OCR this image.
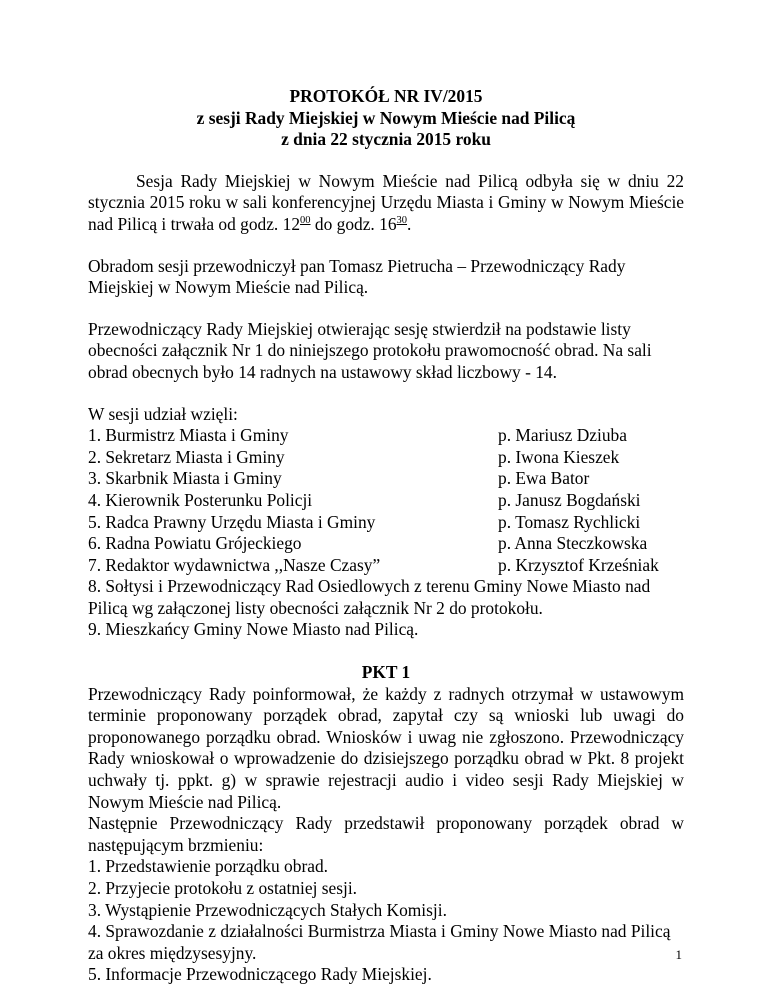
PROTOKÓŁ NR IV/2015
z sesji Rady Miejskiej w Nowym Mieście nad Pilicą
z dnia 22 stycznia 2015 roku

Sesja Rady Miejskiej w Nowym Mieście nad Pilicą odbyła się w dniu 22 stycznia 2015 roku w sali konferencyjnej Urzędu Miasta i Gminy w Nowym Mieście nad Pilicą i trwała od godz. $12^{00}$ do godz. $16^{30}$.

Obradom sesji przewodniczył pan Tomasz Pietrucha – Przewodniczący Rady Miejskiej w Nowym Mieście nad Pilicą.

Przewodniczący Rady Miejskiej otwierając sesję stwierdził na podstawie listy obecności załącznik Nr 1 do niniejszego protokołu prawomocność obrad. Na sali obrad obecnych było 14 radnych na ustawowy skład liczbowy - 14.

W sesji udział wzięli:
1. Burmistrz Miasta i Gminy	p. Mariusz Dziuba
2. Sekretarz Miasta i Gminy	p. Iwona Kieszek
3. Skarbnik Miasta i Gminy	p. Ewa Bator
4. Kierownik Posterunku Policji	p. Janusz Bogdański
5. Radca Prawny Urzędu Miasta i Gminy	p. Tomasz Rychlicki
6. Radna Powiatu Grójeckiego	p. Anna Steczkowska
7. Redaktor wydawnictwa ,,Nasze Czasy”	p. Krzysztof Krześniak
8. Sołtysi i Przewodniczący Rad Osiedlowych z terenu Gminy Nowe Miasto nad Pilicą wg załączonej listy obecności załącznik Nr 2 do protokołu.
9. Mieszkańcy Gminy Nowe Miasto nad Pilicą.
PKT 1

Przewodniczący Rady poinformował, że każdy z radnych otrzymał w ustawowym terminie proponowany porządek obrad, zapytał czy są wnioski lub uwagi do proponowanego porządku obrad. Wniosków i uwag nie zgłoszono. Przewodniczący Rady wnioskował o wprowadzenie do dzisiejszego porządku obrad w Pkt. 8 projekt uchwały tj. ppkt. g) w sprawie rejestracji audio i video sesji Rady Miejskiej w Nowym Mieście nad Pilicą.

Następnie Przewodniczący Rady przedstawił proponowany porządek obrad w następującym brzmieniu:

1. Przedstawienie porządku obrad.
2. Przyjecie protokołu z ostatniej sesji.
3. Wystąpienie Przewodniczących Stałych Komisji.
4. Sprawozdanie z działalności Burmistrza Miasta i Gminy Nowe Miasto nad Pilicą za okres międzysesyjny.
5. Informacje Przewodniczącego Rady Miejskiej.
1
